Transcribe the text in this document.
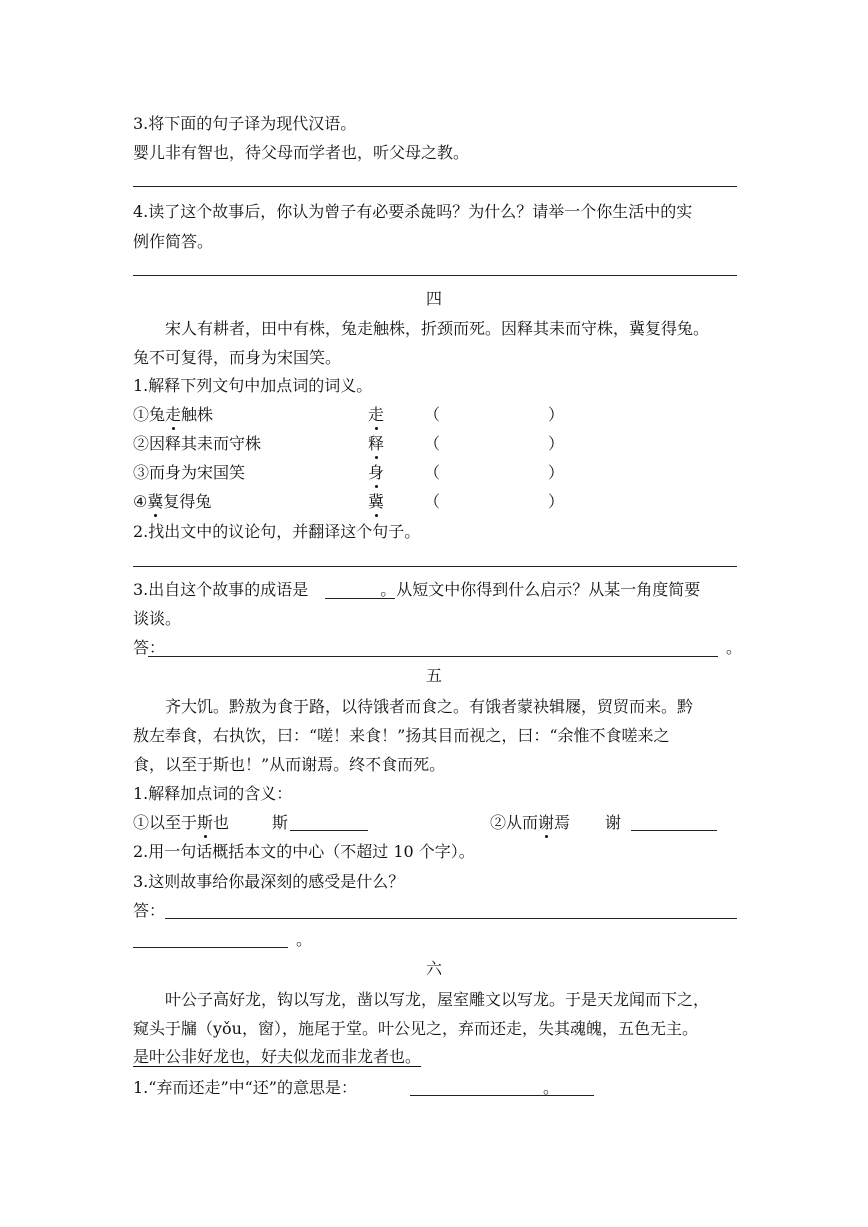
3.将下面的句子译为现代汉语。
婴儿非有智也，待父母而学者也，听父母之教。
4.读了这个故事后，你认为曾子有必要杀彘吗？为什么？请举一个你生活中的实
例作简答。
四
宋人有耕者，田中有株，兔走触株，折颈而死。因释其耒而守株，冀复得兔。
兔不可复得，而身为宋国笑。
1.解释下列文句中加点词的词义。
①兔走触株	走 （	）
②因释其耒而守株	释 （	）
③而身为宋国笑	身 （	）
④冀复得兔	冀 （	）
2.找出文中的议论句，并翻译这个句子。
3.出自这个故事的成语是	。从短文中你得到什么启示？从某一角度简要
谈谈。
答：	。
五
齐大饥。黔敖为食于路，以待饿者而食之。有饿者蒙袂辑屦，贸贸而来。黔
敖左奉食，右执饮，曰：“嗟！来食！”扬其目而视之，曰：“余惟不食嗟来之
食，以至于斯也！”从而谢焉。终不食而死。
1.解释加点词的含义：
①以至于斯也	斯	②从而谢焉 谢
2.用一句话概括本文的中心（不超过 10 个字）。
3.这则故事给你最深刻的感受是什么？
答：
。
六
叶公子高好龙，钩以写龙，凿以写龙，屋室雕文以写龙。于是天龙闻而下之，
窥头于牖（yǒu，窗），施尾于堂。叶公见之，弃而还走，失其魂魄，五色无主。
是叶公非好龙也，好夫似龙而非龙者也。
1.“弃而还走”中“还”的意思是：	。
